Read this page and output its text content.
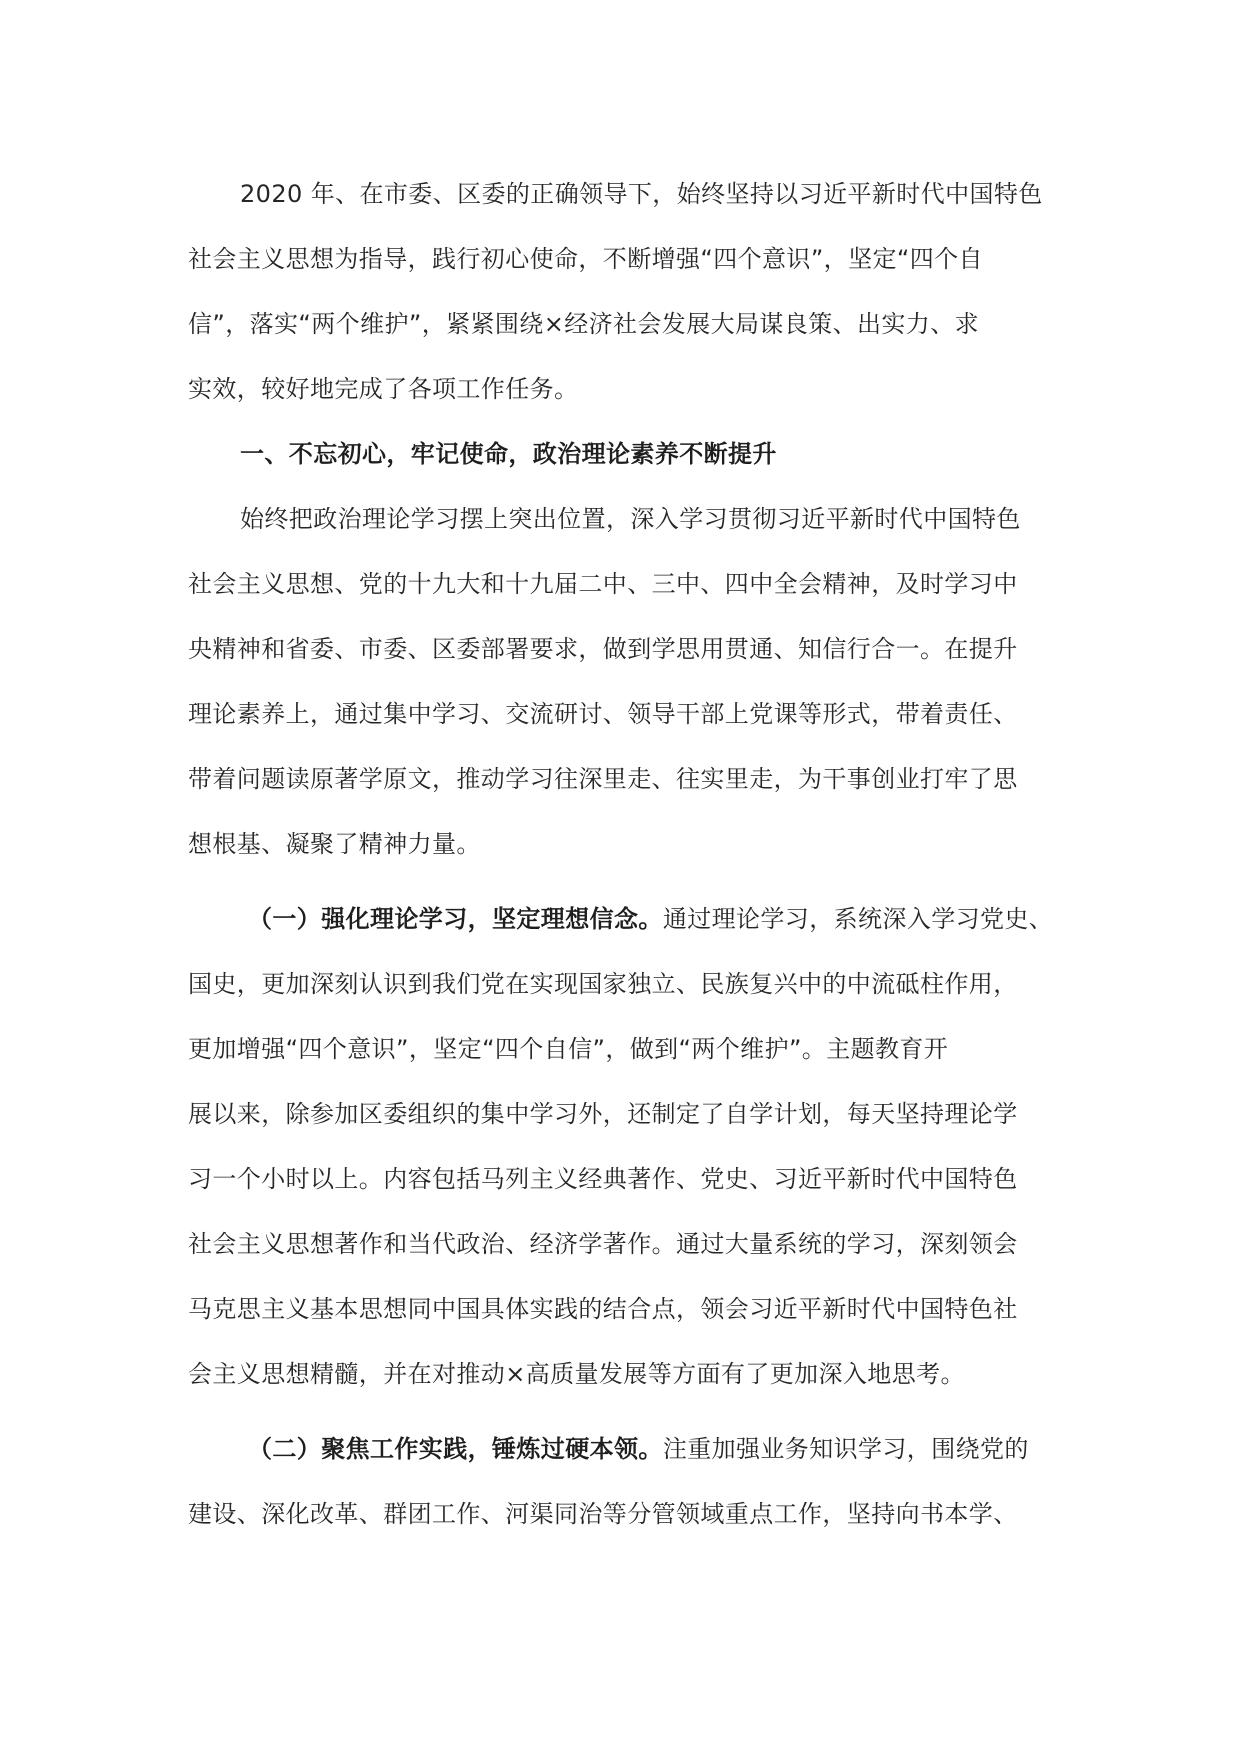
2020 年、在市委、区委的正确领导下，始终坚持以习近平新时代中国特色
社会主义思想为指导，践行初心使命，不断增强“四个意识”，坚定“四个自
信”，落实“两个维护”，紧紧围绕×经济社会发展大局谋良策、出实力、求
实效，较好地完成了各项工作任务。
一、不忘初心，牢记使命，政治理论素养不断提升
始终把政治理论学习摆上突出位置，深入学习贯彻习近平新时代中国特色
社会主义思想、党的十九大和十九届二中、三中、四中全会精神，及时学习中
央精神和省委、市委、区委部署要求，做到学思用贯通、知信行合一。在提升
理论素养上，通过集中学习、交流研讨、领导干部上党课等形式，带着责任、
带着问题读原著学原文，推动学习往深里走、往实里走，为干事创业打牢了思
想根基、凝聚了精神力量。
（一）强化理论学习，坚定理想信念。通过理论学习，系统深入学习党史、
国史，更加深刻认识到我们党在实现国家独立、民族复兴中的中流砥柱作用，
更加增强“四个意识”，坚定“四个自信”，做到“两个维护”。主题教育开
展以来，除参加区委组织的集中学习外，还制定了自学计划，每天坚持理论学
习一个小时以上。内容包括马列主义经典著作、党史、习近平新时代中国特色
社会主义思想著作和当代政治、经济学著作。通过大量系统的学习，深刻领会
马克思主义基本思想同中国具体实践的结合点，领会习近平新时代中国特色社
会主义思想精髓，并在对推动×高质量发展等方面有了更加深入地思考。
（二）聚焦工作实践，锤炼过硬本领。注重加强业务知识学习，围绕党的
建设、深化改革、群团工作、河渠同治等分管领域重点工作，坚持向书本学、
